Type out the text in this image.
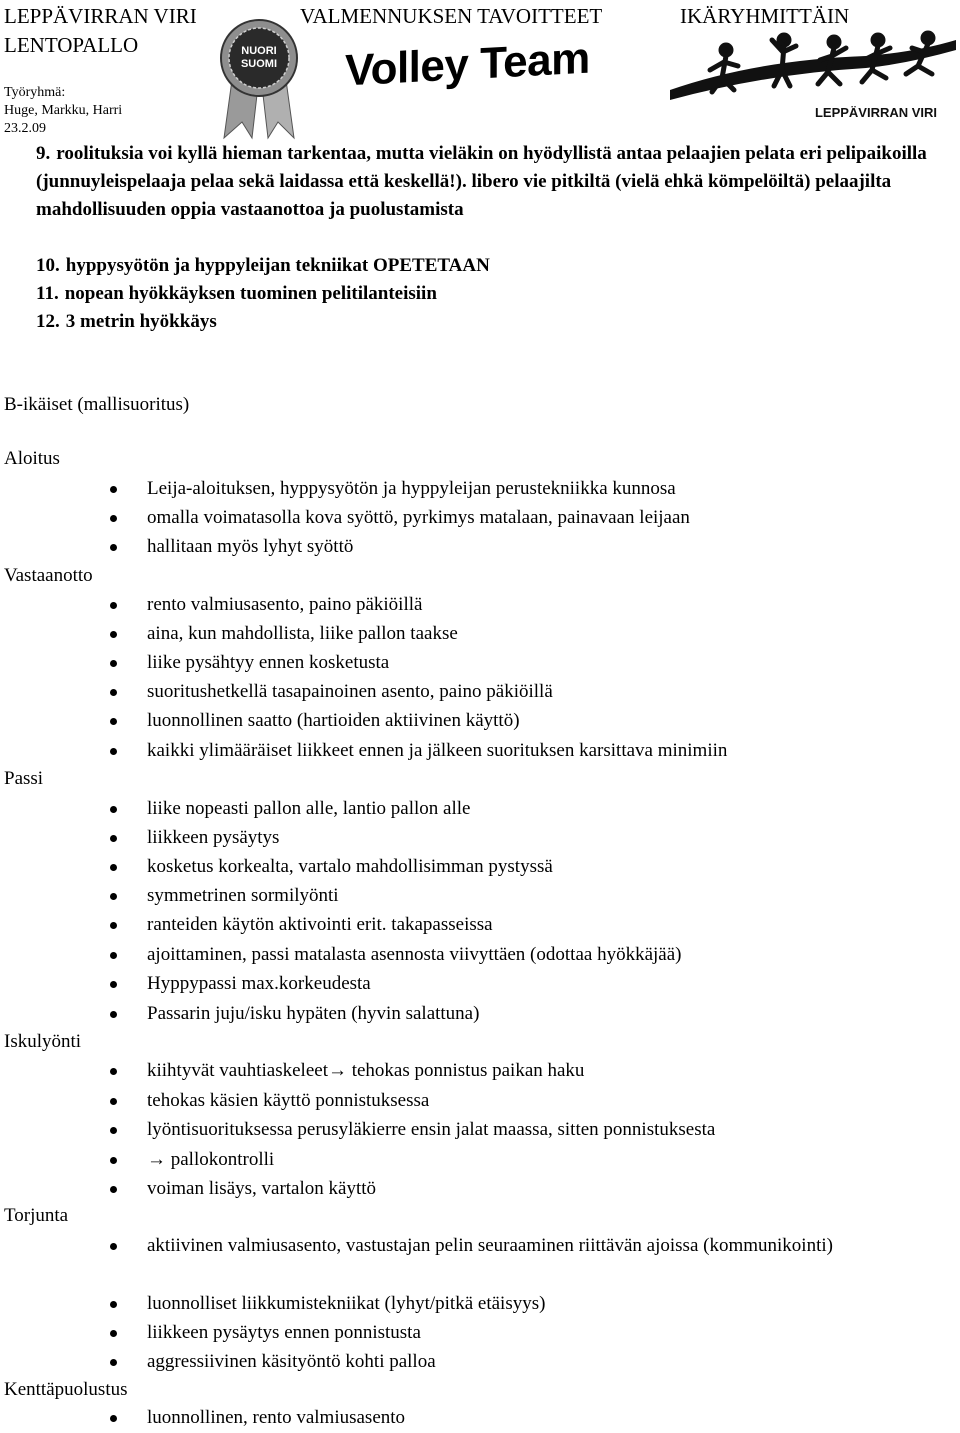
LEPPÄVIRRAN VIRI	VALMENNUKSEN TAVOITTEET	IKÄRYHMITTÄIN
LENTOPALLO
Työryhmä:
Huge, Markku, Harri
23.2.09
NUORI
SUOMI Volley Team
LEPPÄVIRRAN VIRI
9. roolituksia voi kyllä hieman tarkentaa, mutta vieläkin on hyödyllistä antaa pelaajien pelata eri pelipaikoilla (junnuyleispelaaja pelaa sekä laidassa että keskellä!). libero vie pitkiltä (vielä ehkä kömpelöiltä) pelaajilta mahdollisuuden oppia vastaanottoa ja puolustamista
10. hyppysyötön ja hyppyleijan tekniikat OPETETAAN
11. nopean hyökkäyksen tuominen pelitilanteisiin
12. 3 metrin hyökkäys
B-ikäiset (mallisuoritus)
Aloitus
Leija-aloituksen, hyppysyötön ja hyppyleijan perustekniikka kunnosa
omalla voimatasolla kova syöttö, pyrkimys matalaan, painavaan leijaan
hallitaan myös lyhyt syöttö
Vastaanotto
rento valmiusasento, paino päkiöillä
aina, kun mahdollista, liike pallon taakse
liike pysähtyy ennen kosketusta
suoritushetkellä tasapainoinen asento, paino päkiöillä
luonnollinen saatto (hartioiden aktiivinen käyttö)
kaikki ylimääräiset liikkeet ennen ja jälkeen suorituksen karsittava minimiin
Passi
liike nopeasti pallon alle, lantio pallon alle
liikkeen pysäytys
kosketus korkealta, vartalo mahdollisimman pystyssä
symmetrinen sormilyönti
ranteiden käytön aktivointi erit. takapasseissa
ajoittaminen, passi matalasta asennosta viivyttäen (odottaa hyökkäjää)
Hyppypassi max.korkeudesta
Passarin juju/isku hypäten (hyvin salattuna)
Iskulyönti
kiihtyvät vauhtiaskeleet→ tehokas ponnistus paikan haku
tehokas käsien käyttö ponnistuksessa
lyöntisuorituksessa perusyläkierre ensin jalat maassa, sitten ponnistuksesta
→ pallokontrolli
voiman lisäys, vartalon käyttö
Torjunta
aktiivinen valmiusasento, vastustajan pelin seuraaminen riittävän ajoissa (kommunikointi)
luonnolliset liikkumistekniikat (lyhyt/pitkä etäisyys)
liikkeen pysäytys ennen ponnistusta
aggressiivinen käsityöntö kohti palloa
Kenttäpuolustus
luonnollinen, rento valmiusasento
